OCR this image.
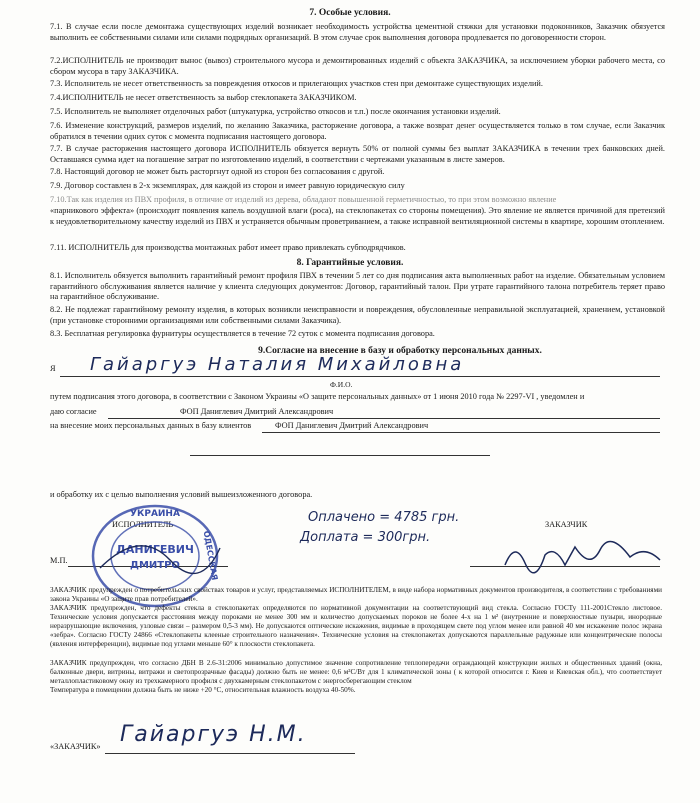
7. Особые условия.
7.1. В случае если после демонтажа существующих изделий возникает необходимость устройства цементной стяжки для установки подоконников, Заказчик обязуется выполнить ее собственными силами или силами подрядных организаций. В этом случае срок выполнения договора продлевается по договоренности сторон.
7.2.ИСПОЛНИТЕЛЬ не производит вынос (вывоз) строительного мусора и демонтированных изделий с объекта ЗАКАЗЧИКА, за исключением уборки рабочего места, со сбором мусора в тару ЗАКАЗЧИКА.
7.3. Исполнитель не несет ответственность за повреждения откосов и прилегающих участков стен при демонтаже существующих изделий.
7.4.ИСПОЛНИТЕЛЬ не несет ответственность за выбор стеклопакета ЗАКАЗЧИКОМ.
7.5. Исполнитель не выполняет отделочных работ (штукатурка, устройство откосов и т.п.) после окончания установки изделий.
7.6. Изменение конструкций, размеров изделий, по желанию Заказчика, расторжение договора, а также возврат денег осуществляется только в том случае, если Заказчик обратился в течении одних суток с момента подписания настоящего договора.
7.7. В случае расторжения настоящего договора ИСПОЛНИТЕЛЬ обязуется вернуть 50% от полной суммы без выплат ЗАКАЗЧИКА в течении трех банковских дней. Оставшаяся сумма идет на погашение затрат по изготовлению изделий, в соответствии с чертежами указанным в листе замеров.
7.8. Настоящий договор не может быть расторгнут одной из сторон без согласования с другой.
7.9. Договор составлен в 2-х экземплярах, для каждой из сторон и имеет равную юридическую силу
7.10.Так как изделия из ПВХ профиля, в отличие от изделий из дерева, обладают повышенной герметичностью, то при этом возможно явление
«парникового эффекта» (происходит появления капель воздушной влаги (роса), на стеклопакетах со стороны помещения). Это явление не является причиной для претензий к неудовлетворительному качеству изделий из ПВХ и устраняется обычным проветриванием, а также исправной вентиляционной системы в квартире, хорошим отоплением.
7.11. ИСПОЛНИТЕЛЬ для производства монтажных работ имеет право привлекать субподрядчиков.
8. Гарантийные условия.
8.1. Исполнитель обязуется выполнить гарантийный ремонт профиля ПВХ в течении 5 лет со дня подписания акта выполненных работ на изделие. Обязательным условием гарантийного обслуживания является наличие у клиента следующих документов: Договор, гарантийный талон. При утрате гарантийного талона потребитель теряет право на гарантийное обслуживание.
8.2. Не подлежат гарантийному ремонту изделия, в которых возникли неисправности и повреждения, обусловленные неправильной эксплуатацией, хранением, установкой (при установке сторонними организациями или собственными силами Заказчика).
8.3. Бесплатная регулировка фурнитуры осуществляется в течение 72 суток с момента подписания договора.
9.Согласие на внесение в базу и обработку персональных данных.
Я Гайаргуэ Наталия Михайловна
Ф.И.О.
путем подписания этого договора, в соответствии с Законом Украины «О защите персональных данных» от 1 июня 2010 года № 2297-VI , уведомлен и
даю согласие	ФОП Даниглевич Дмитрий Александрович
на внесение моих персональных данных в базу клиентов	ФОП Даниглевич Дмитрий Александрович
и обработку их с целью выполнения условий вышеизложенного договора.
ИСПОЛНИТЕЛЬ	ЗАКАЗЧИК
М.П.
Оплачено = 4785 грн.
Доплата = 300грн.
УКРАИНА
ОДЕССКАЯ
ДАНИГЕВИЧ
ДМИТРО
ЗАКАЗЧИК предупрежден о потребительских свойствах товаров и услуг, представляемых ИСПОЛНИТЕЛЕМ, в виде набора нормативных документов производителя, в соответствии с требованиями закона Украины «О защите прав потребителей».
ЗАКАЗЧИК предупрежден, что дефекты стекла в стеклопакетах определяются по нормативной документации на соответствующий вид стекла. Согласно ГОСТу 111-2001Стекло листовое. Технические условия допускается расстояния между пороками не менее 300 мм и количество допускаемых пороков не более 4-х на 1 м² (внутренние и поверхностные пузыри, инородные неразрушающие включения, узловые связи – размером 0,5-3 мм). Не допускаются оптические искажения, видимые в проходящем свете под углом менее или равной 40 мм искажение полос экрана «зебра». Согласно ГОСТу 24866 «Стеклопакеты клееные строительного назначения». Технические условия на стеклопакетах допускаются параллельные радужные или концентрические полосы (явления интерференции), видимые под углами меньше 60° к плоскости стеклопакета.
ЗАКАЗЧИК предупрежден, что согласно ДБН В 2.6-31:2006 минимально допустимое значение сопротивление теплопередачи ограждающей конструкции жилых и общественных зданий (окна, балконные двери, витрины, витражи и светопрозрачные фасады) должно быть не менее: 0,6 м²С/Вт для 1 климатической зоны ( к которой относится г. Киев и Киевская обл.), что соответствует металлопластиковому окну из трехкамерного профиля с двухкамерным стеклопакетом с энергосберегающим стеклом
Температура в помещении должна быть не ниже +20 °С, относительная влажность воздуха 40-50%.
«ЗАКАЗЧИК» Гайаргуэ Н.М.
